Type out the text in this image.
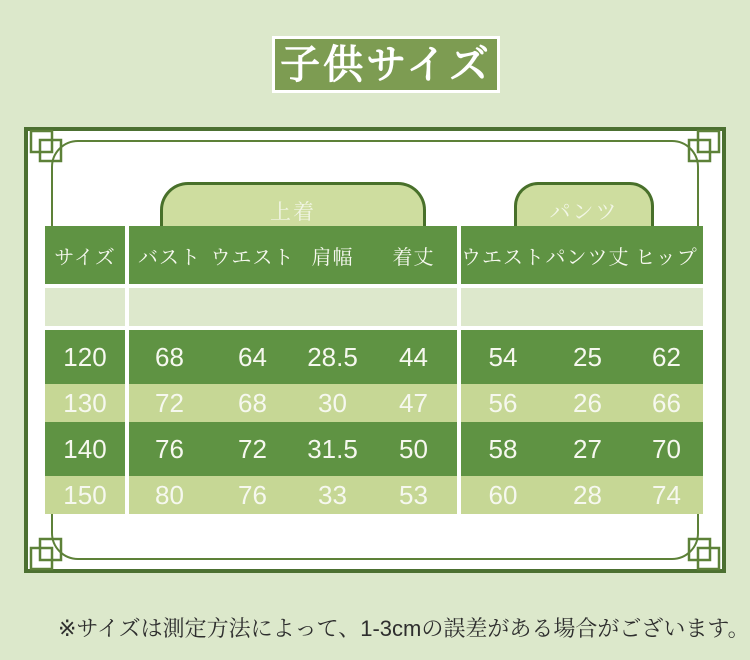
子供サイズ
上着	パンツ
サイズ	バスト ウエスト 肩幅	着丈	ウエスト パンツ丈 ヒップ
120	68	64	28.5	44	54	25	62
130	72	68	30	47	56	26	66
140	76	72	31.5	50	58	27	70
150	80	76	33	53	60	28	74
※サイズは測定方法によって、1-3cmの誤差がある場合がございます。
